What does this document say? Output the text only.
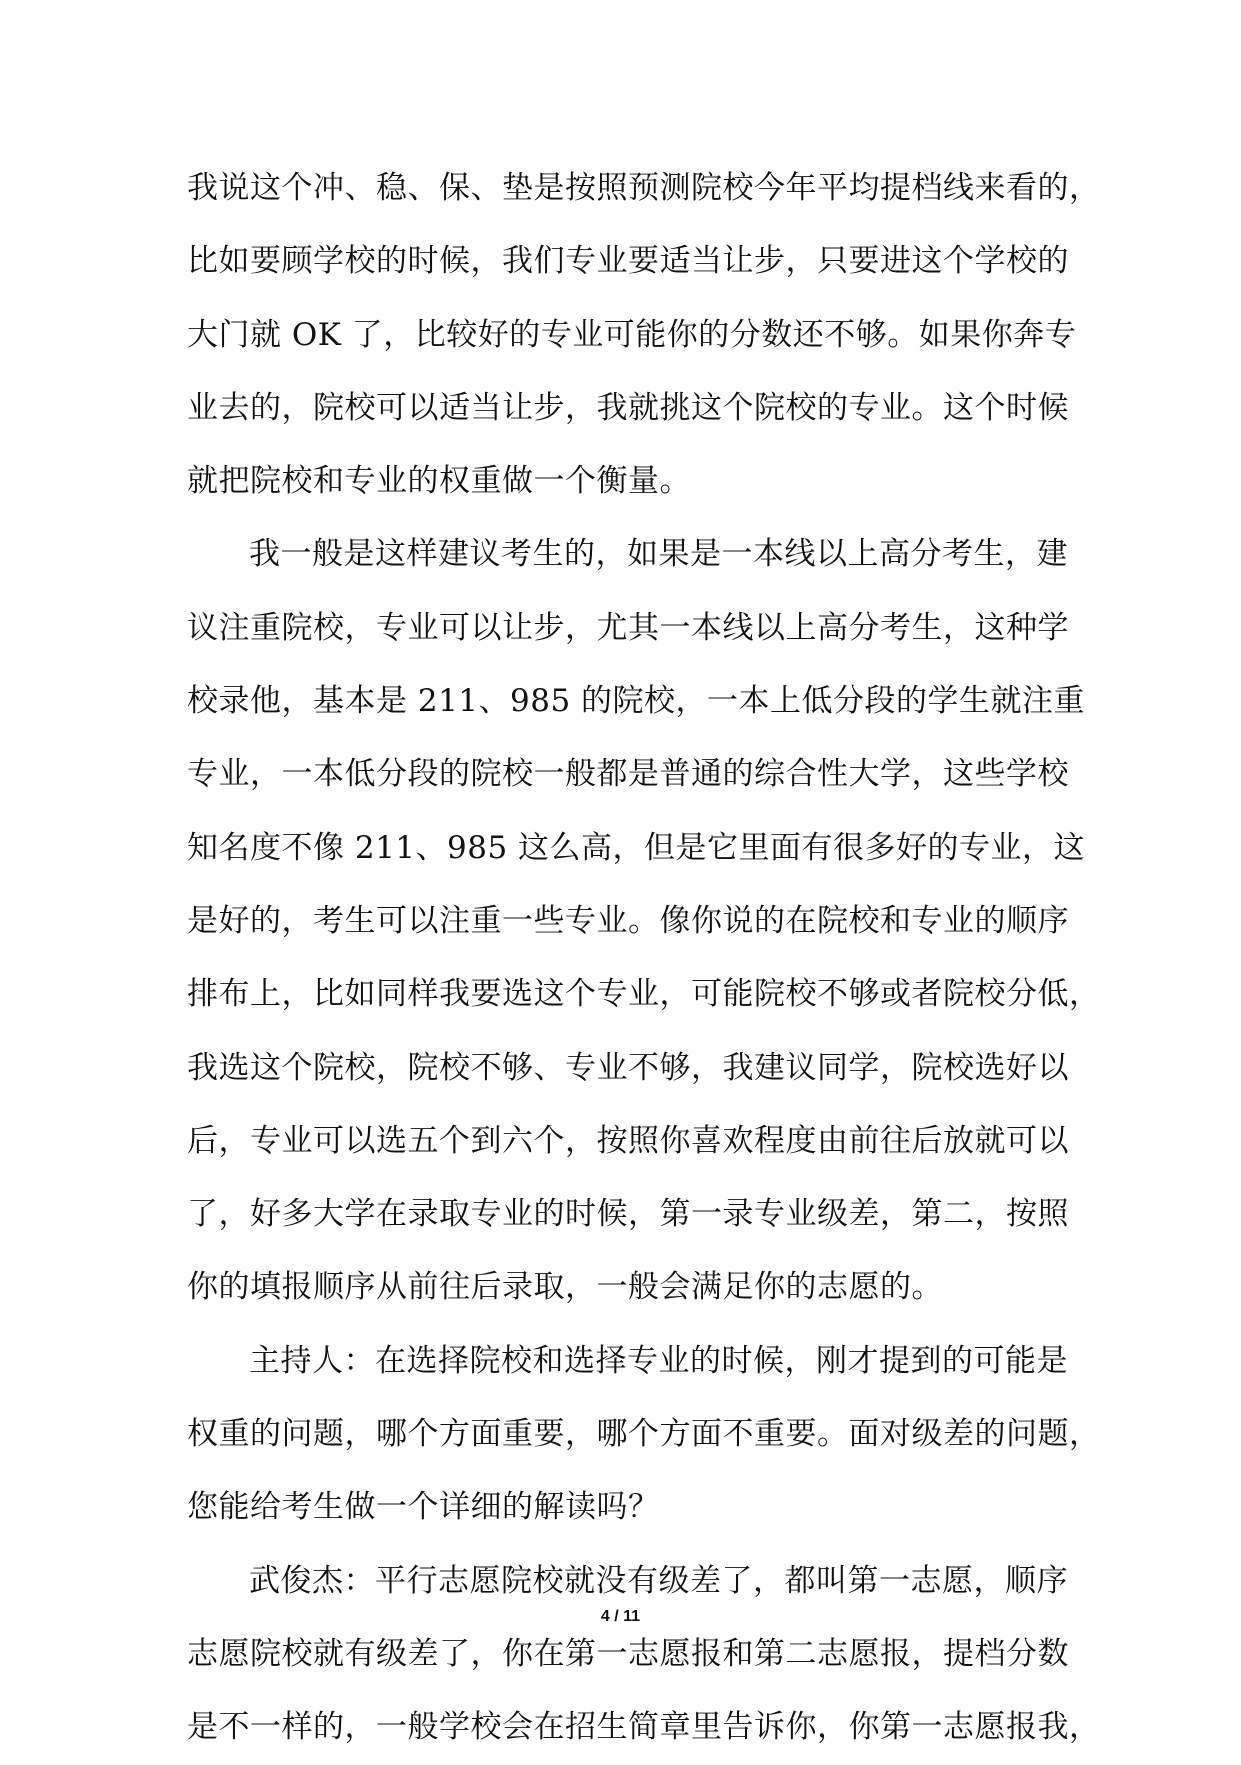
我说这个冲、稳、保、垫是按照预测院校今年平均提档线来看的，
比如要顾学校的时候，我们专业要适当让步，只要进这个学校的
大门就 OK 了，比较好的专业可能你的分数还不够。如果你奔专
业去的，院校可以适当让步，我就挑这个院校的专业。这个时候
就把院校和专业的权重做一个衡量。
我一般是这样建议考生的，如果是一本线以上高分考生，建
议注重院校，专业可以让步，尤其一本线以上高分考生，这种学
校录他，基本是 211、985 的院校，一本上低分段的学生就注重
专业，一本低分段的院校一般都是普通的综合性大学，这些学校
知名度不像 211、985 这么高，但是它里面有很多好的专业，这
是好的，考生可以注重一些专业。像你说的在院校和专业的顺序
排布上，比如同样我要选这个专业，可能院校不够或者院校分低，
我选这个院校，院校不够、专业不够，我建议同学，院校选好以
后，专业可以选五个到六个，按照你喜欢程度由前往后放就可以
了，好多大学在录取专业的时候，第一录专业级差，第二，按照
你的填报顺序从前往后录取，一般会满足你的志愿的。
主持人：在选择院校和选择专业的时候，刚才提到的可能是
权重的问题，哪个方面重要，哪个方面不重要。面对级差的问题，
您能给考生做一个详细的解读吗？
武俊杰：平行志愿院校就没有级差了，都叫第一志愿，顺序
志愿院校就有级差了，你在第一志愿报和第二志愿报，提档分数
是不一样的，一般学校会在招生简章里告诉你，你第一志愿报我，
4 / 11
